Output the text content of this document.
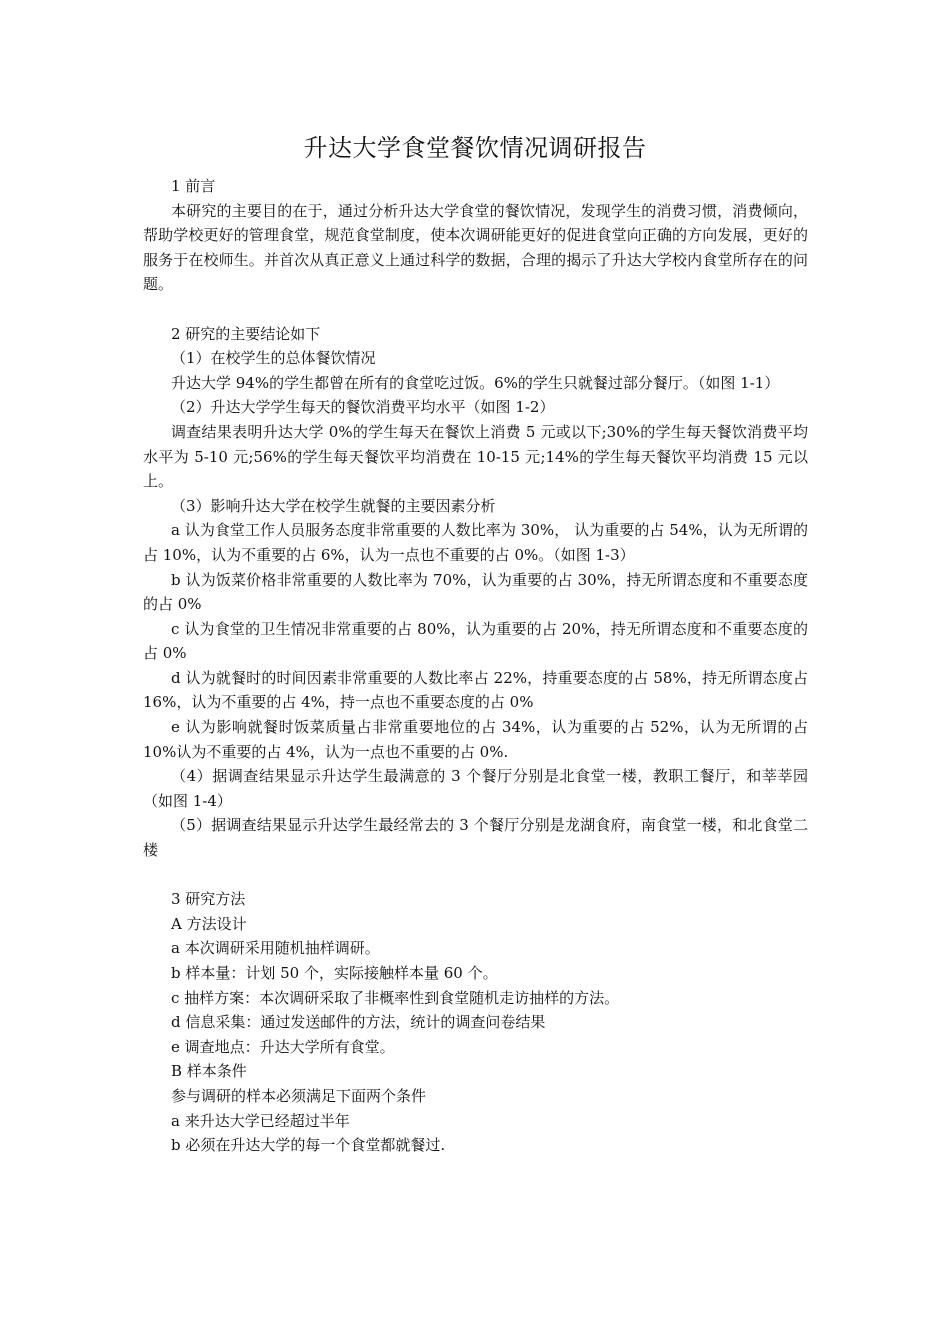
升达大学食堂餐饮情况调研报告

1 前言

本研究的主要目的在于，通过分析升达大学食堂的餐饮情况，发现学生的消费习惯，消费倾向，帮助学校更好的管理食堂，规范食堂制度，使本次调研能更好的促进食堂向正确的方向发展，更好的服务于在校师生。并首次从真正意义上通过科学的数据，合理的揭示了升达大学校内食堂所存在的问题。

2 研究的主要结论如下

（1）在校学生的总体餐饮情况

升达大学 94%的学生都曾在所有的食堂吃过饭。6%的学生只就餐过部分餐厅。（如图 1-1）

（2）升达大学学生每天的餐饮消费平均水平（如图 1-2）

调查结果表明升达大学 0%的学生每天在餐饮上消费 5 元或以下;30%的学生每天餐饮消费平均水平为 5-10 元;56%的学生每天餐饮平均消费在 10-15 元;14%的学生每天餐饮平均消费 15 元以上。

（3）影响升达大学在校学生就餐的主要因素分析

a 认为食堂工作人员服务态度非常重要的人数比率为 30%， 认为重要的占 54%，认为无所谓的占 10%，认为不重要的占 6%，认为一点也不重要的占 0%。（如图 1-3）

b 认为饭菜价格非常重要的人数比率为 70%，认为重要的占 30%，持无所谓态度和不重要态度的占 0%

c 认为食堂的卫生情况非常重要的占 80%，认为重要的占 20%，持无所谓态度和不重要态度的占 0%

d 认为就餐时的时间因素非常重要的人数比率占 22%，持重要态度的占 58%，持无所谓态度占 16%，认为不重要的占 4%，持一点也不重要态度的占 0%

e 认为影响就餐时饭菜质量占非常重要地位的占 34%，认为重要的占 52%，认为无所谓的占 10%认为不重要的占 4%，认为一点也不重要的占 0%.

（4）据调查结果显示升达学生最满意的 3 个餐厅分别是北食堂一楼，教职工餐厅，和莘莘园（如图 1-4）

（5）据调查结果显示升达学生最经常去的 3 个餐厅分别是龙湖食府，南食堂一楼，和北食堂二楼

3 研究方法

A 方法设计

a 本次调研采用随机抽样调研。

b 样本量：计划 50 个，实际接触样本量 60 个。

c 抽样方案：本次调研采取了非概率性到食堂随机走访抽样的方法。

d 信息采集：通过发送邮件的方法，统计的调查问卷结果

e 调查地点：升达大学所有食堂。

B 样本条件

参与调研的样本必须满足下面两个条件

a 来升达大学已经超过半年

b 必须在升达大学的每一个食堂都就餐过.
